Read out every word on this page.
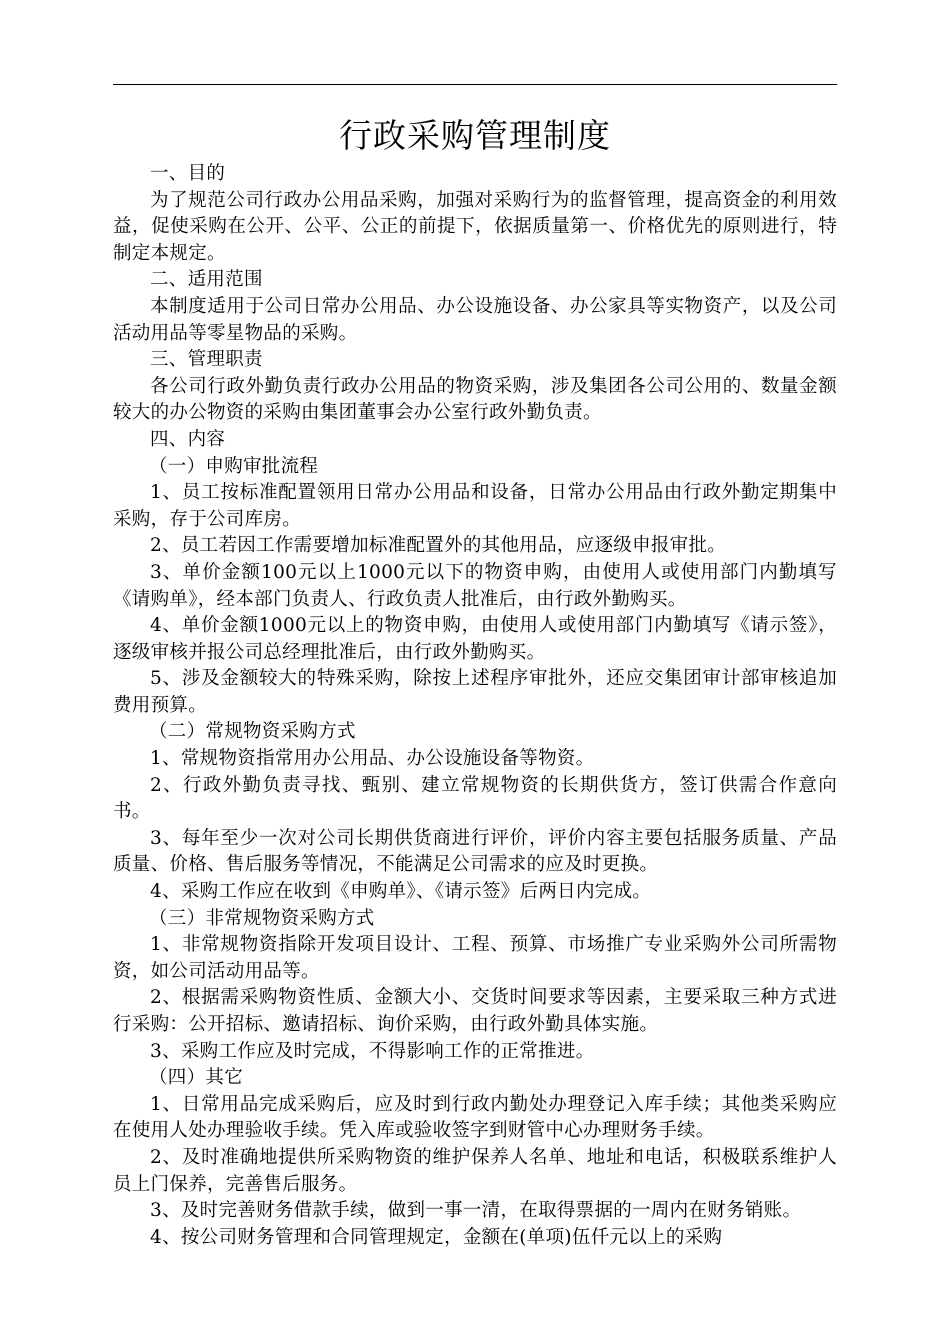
行政采购管理制度

一、目的

为了规范公司行政办公用品采购，加强对采购行为的监督管理，提高资金的利用效益，促使采购在公开、公平、公正的前提下，依据质量第一、价格优先的原则进行，特制定本规定。

二、适用范围

本制度适用于公司日常办公用品、办公设施设备、办公家具等实物资产，以及公司活动用品等零星物品的采购。

三、管理职责

各公司行政外勤负责行政办公用品的物资采购，涉及集团各公司公用的、数量金额较大的办公物资的采购由集团董事会办公室行政外勤负责。

四、内容

（一）申购审批流程

1、员工按标准配置领用日常办公用品和设备，日常办公用品由行政外勤定期集中采购，存于公司库房。

2、员工若因工作需要增加标准配置外的其他用品，应逐级申报审批。

3、单价金额100元以上1000元以下的物资申购，由使用人或使用部门内勤填写《请购单》，经本部门负责人、行政负责人批准后，由行政外勤购买。

4、单价金额1000元以上的物资申购，由使用人或使用部门内勤填写《请示签》，逐级审核并报公司总经理批准后，由行政外勤购买。

5、涉及金额较大的特殊采购，除按上述程序审批外，还应交集团审计部审核追加费用预算。

（二）常规物资采购方式

1、常规物资指常用办公用品、办公设施设备等物资。

2、行政外勤负责寻找、甄别、建立常规物资的长期供货方，签订供需合作意向书。

3、每年至少一次对公司长期供货商进行评价，评价内容主要包括服务质量、产品质量、价格、售后服务等情况，不能满足公司需求的应及时更换。

4、采购工作应在收到《申购单》、《请示签》后两日内完成。

（三）非常规物资采购方式

1、非常规物资指除开发项目设计、工程、预算、市场推广专业采购外公司所需物资，如公司活动用品等。

2、根据需采购物资性质、金额大小、交货时间要求等因素，主要采取三种方式进行采购：公开招标、邀请招标、询价采购，由行政外勤具体实施。

3、采购工作应及时完成，不得影响工作的正常推进。

（四）其它

1、日常用品完成采购后，应及时到行政内勤处办理登记入库手续；其他类采购应在使用人处办理验收手续。凭入库或验收签字到财管中心办理财务手续。

2、及时准确地提供所采购物资的维护保养人名单、地址和电话，积极联系维护人员上门保养，完善售后服务。

3、及时完善财务借款手续，做到一事一清，在取得票据的一周内在财务销账。

4、按公司财务管理和合同管理规定，金额在(单项)伍仟元以上的采购
